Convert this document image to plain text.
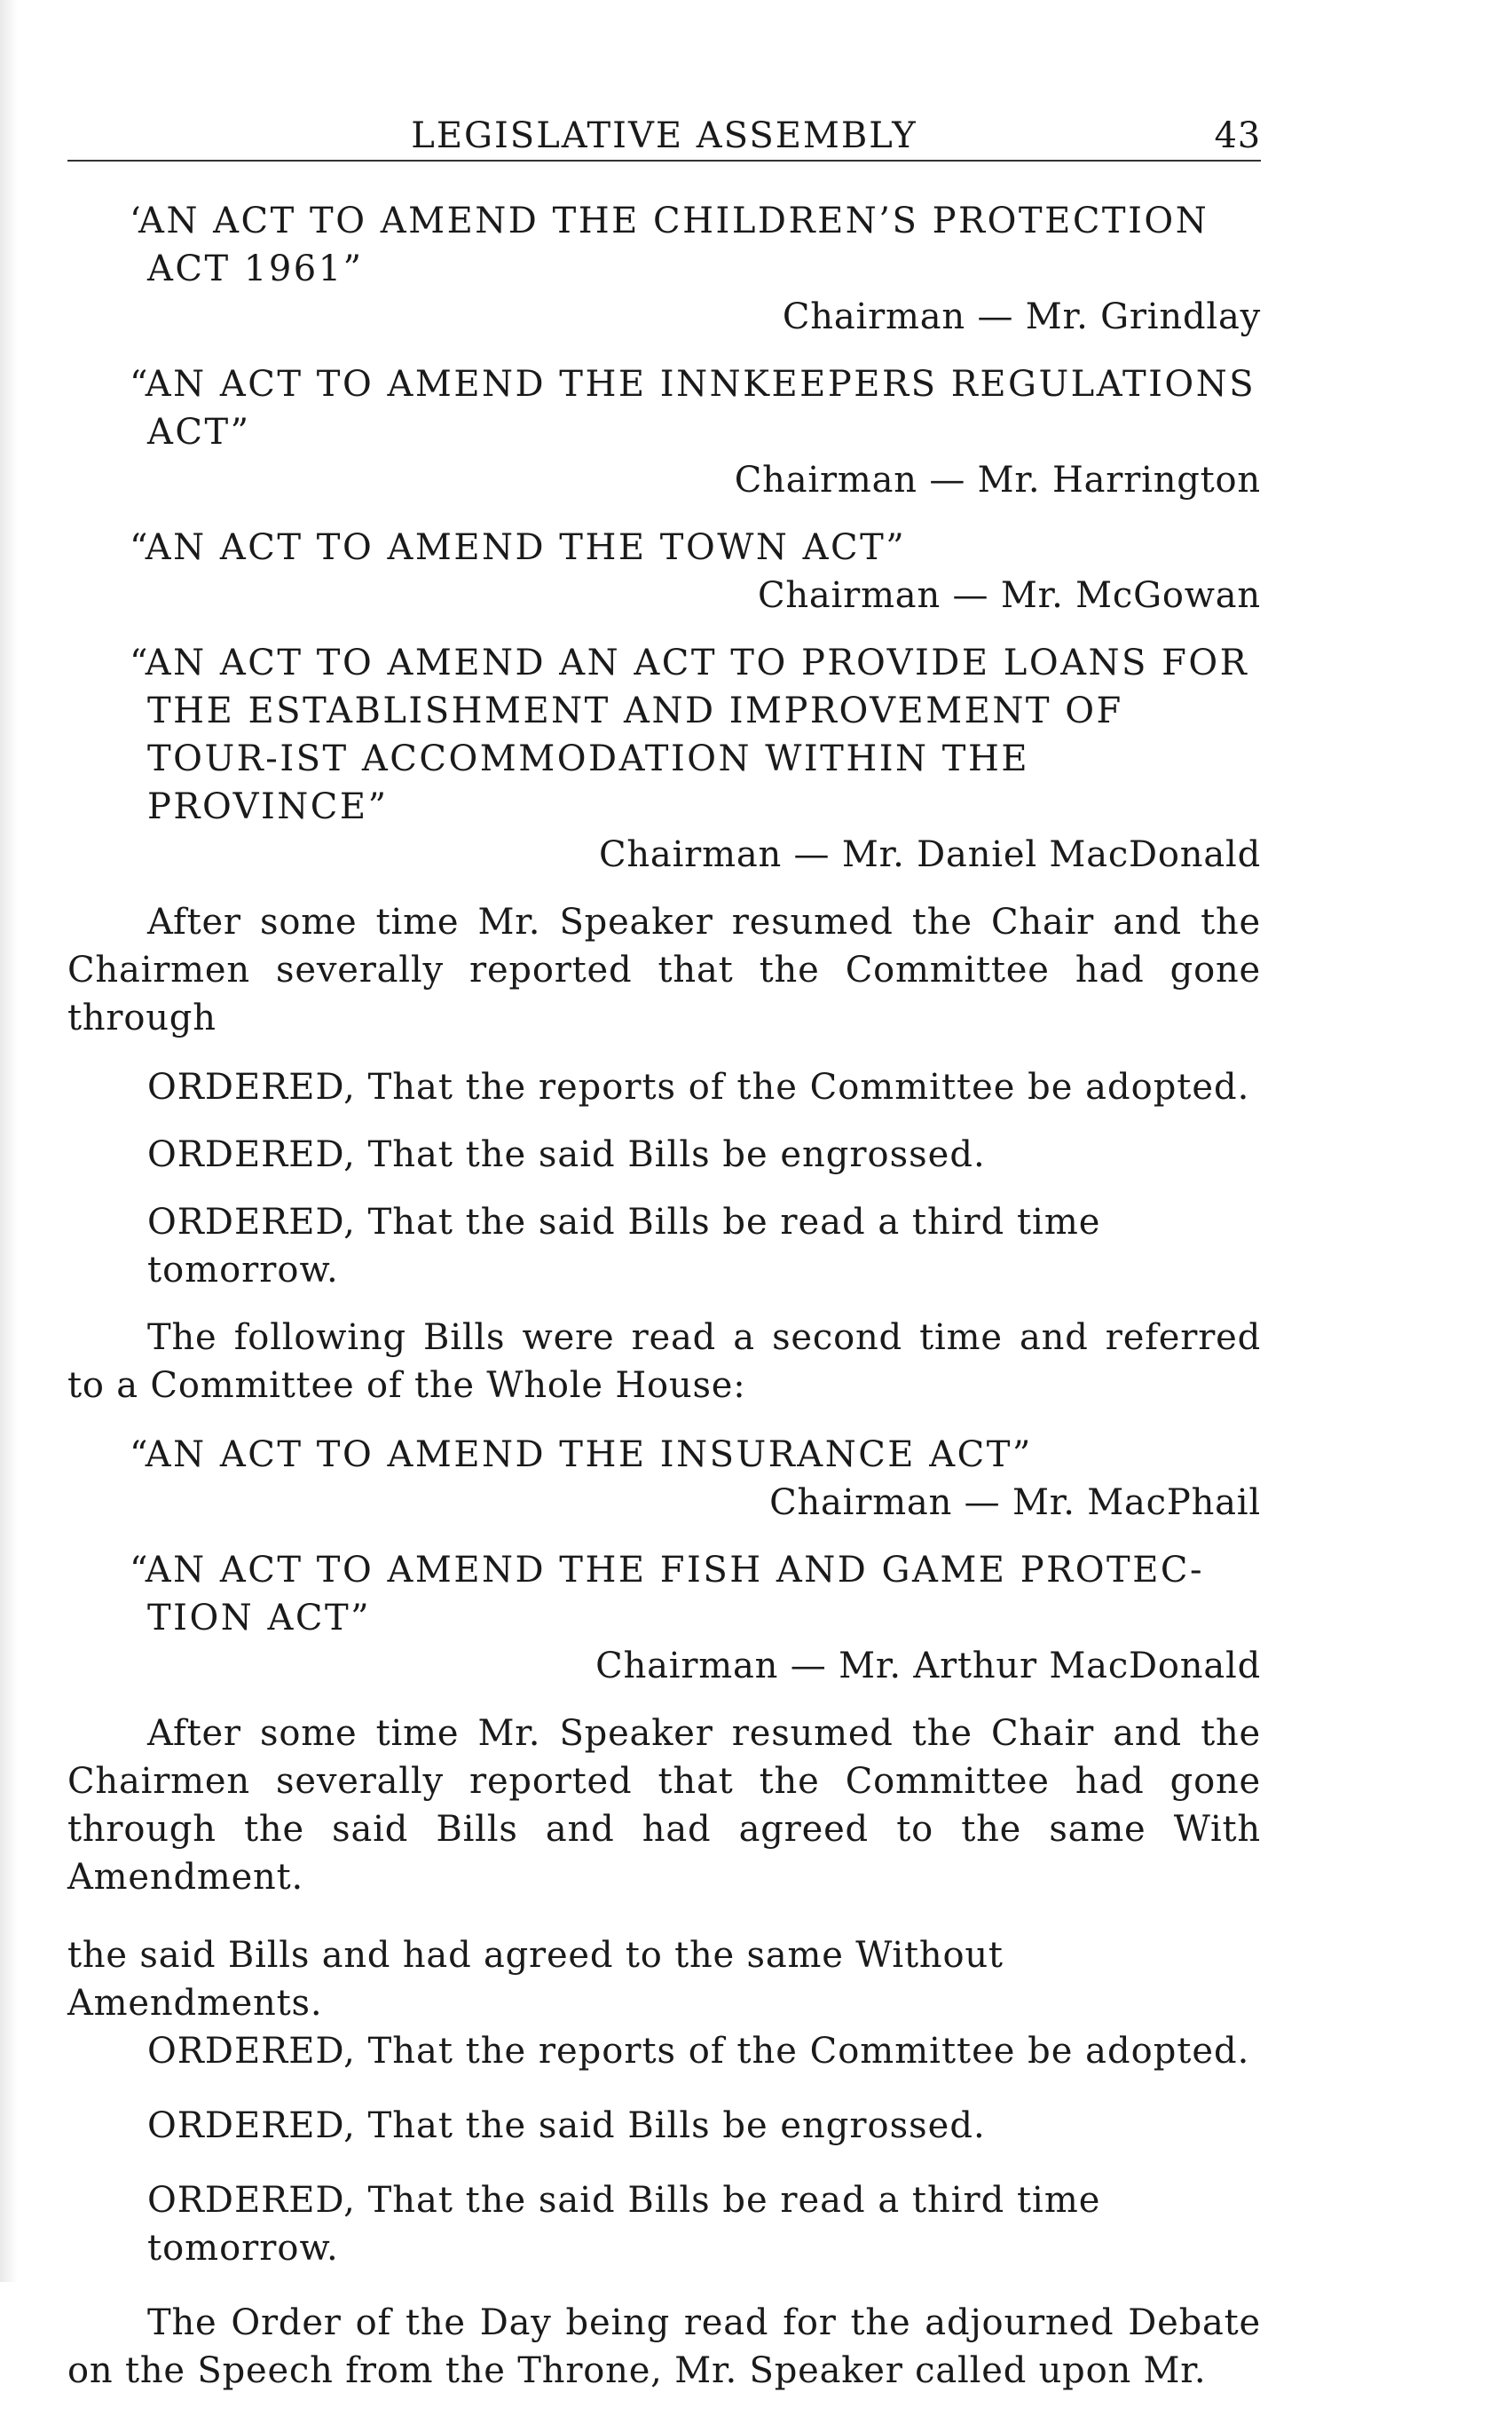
LEGISLATIVE ASSEMBLY	43

‘AN ACT TO AMEND THE CHILDREN’S PROTECTION ACT 1961”

Chairman — Mr. Grindlay

“AN ACT TO AMEND THE INNKEEPERS REGULATIONS ACT”

Chairman — Mr. Harrington

“AN ACT TO AMEND THE TOWN ACT”

Chairman — Mr. McGowan

“AN ACT TO AMEND AN ACT TO PROVIDE LOANS FOR THE ESTABLISHMENT AND IMPROVEMENT OF TOUR-IST ACCOMMODATION WITHIN THE PROVINCE”

Chairman — Mr. Daniel MacDonald

After some time Mr. Speaker resumed the Chair and the Chairmen severally reported that the Committee had gone through

ORDERED, That the reports of the Committee be adopted.

ORDERED, That the said Bills be engrossed.

ORDERED, That the said Bills be read a third time tomorrow.

The following Bills were read a second time and referred to a Committee of the Whole House:

“AN ACT TO AMEND THE INSURANCE ACT”

Chairman — Mr. MacPhail

“AN ACT TO AMEND THE FISH AND GAME PROTEC-TION ACT”

Chairman — Mr. Arthur MacDonald

After some time Mr. Speaker resumed the Chair and the Chairmen severally reported that the Committee had gone through the said Bills and had agreed to the same With Amendment.

the said Bills and had agreed to the same Without Amendments.

ORDERED, That the reports of the Committee be adopted.

ORDERED, That the said Bills be engrossed.

ORDERED, That the said Bills be read a third time tomorrow.

The Order of the Day being read for the adjourned Debate on the Speech from the Throne, Mr. Speaker called upon Mr.
